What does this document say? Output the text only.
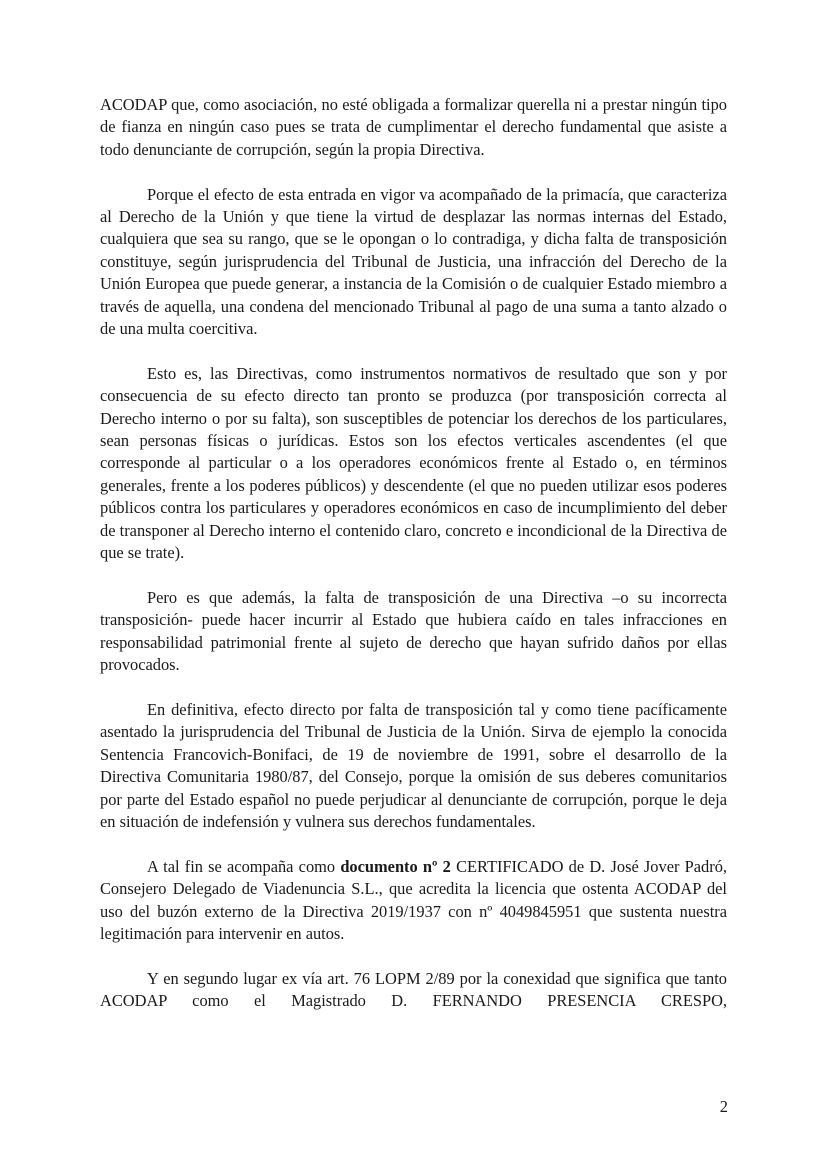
ACODAP que, como asociación, no esté obligada a formalizar querella ni a prestar ningún tipo de fianza en ningún caso pues se trata de cumplimentar el derecho fundamental que asiste a todo denunciante de corrupción, según la propia Directiva.

Porque el efecto de esta entrada en vigor va acompañado de la primacía, que caracteriza al Derecho de la Unión y que tiene la virtud de desplazar las normas internas del Estado, cualquiera que sea su rango, que se le opongan o lo contradiga, y dicha falta de transposición constituye, según jurisprudencia del Tribunal de Justicia, una infracción del Derecho de la Unión Europea que puede generar, a instancia de la Comisión o de cualquier Estado miembro a través de aquella, una condena del mencionado Tribunal al pago de una suma a tanto alzado o de una multa coercitiva.

Esto es, las Directivas, como instrumentos normativos de resultado que son y por consecuencia de su efecto directo tan pronto se produzca (por transposición correcta al Derecho interno o por su falta), son susceptibles de potenciar los derechos de los particulares, sean personas físicas o jurídicas. Estos son los efectos verticales ascendentes (el que corresponde al particular o a los operadores económicos frente al Estado o, en términos generales, frente a los poderes públicos) y descendente (el que no pueden utilizar esos poderes públicos contra los particulares y operadores económicos en caso de incumplimiento del deber de transponer al Derecho interno el contenido claro, concreto e incondicional de la Directiva de que se trate).

Pero es que además, la falta de transposición de una Directiva –o su incorrecta transposición- puede hacer incurrir al Estado que hubiera caído en tales infracciones en responsabilidad patrimonial frente al sujeto de derecho que hayan sufrido daños por ellas provocados.

En definitiva, efecto directo por falta de transposición tal y como tiene pacíficamente asentado la jurisprudencia del Tribunal de Justicia de la Unión. Sirva de ejemplo la conocida Sentencia Francovich-Bonifaci, de 19 de noviembre de 1991, sobre el desarrollo de la Directiva Comunitaria 1980/87, del Consejo, porque la omisión de sus deberes comunitarios por parte del Estado español no puede perjudicar al denunciante de corrupción, porque le deja en situación de indefensión y vulnera sus derechos fundamentales.

A tal fin se acompaña como documento nº 2 CERTIFICADO de D. José Jover Padró, Consejero Delegado de Viadenuncia S.L., que acredita la licencia que ostenta ACODAP del uso del buzón externo de la Directiva 2019/1937 con nº 4049845951 que sustenta nuestra legitimación para intervenir en autos.

Y en segundo lugar ex vía art. 76 LOPM 2/89 por la conexidad que significa que tanto ACODAP como el Magistrado D. FERNANDO PRESENCIA CRESPO,

2
